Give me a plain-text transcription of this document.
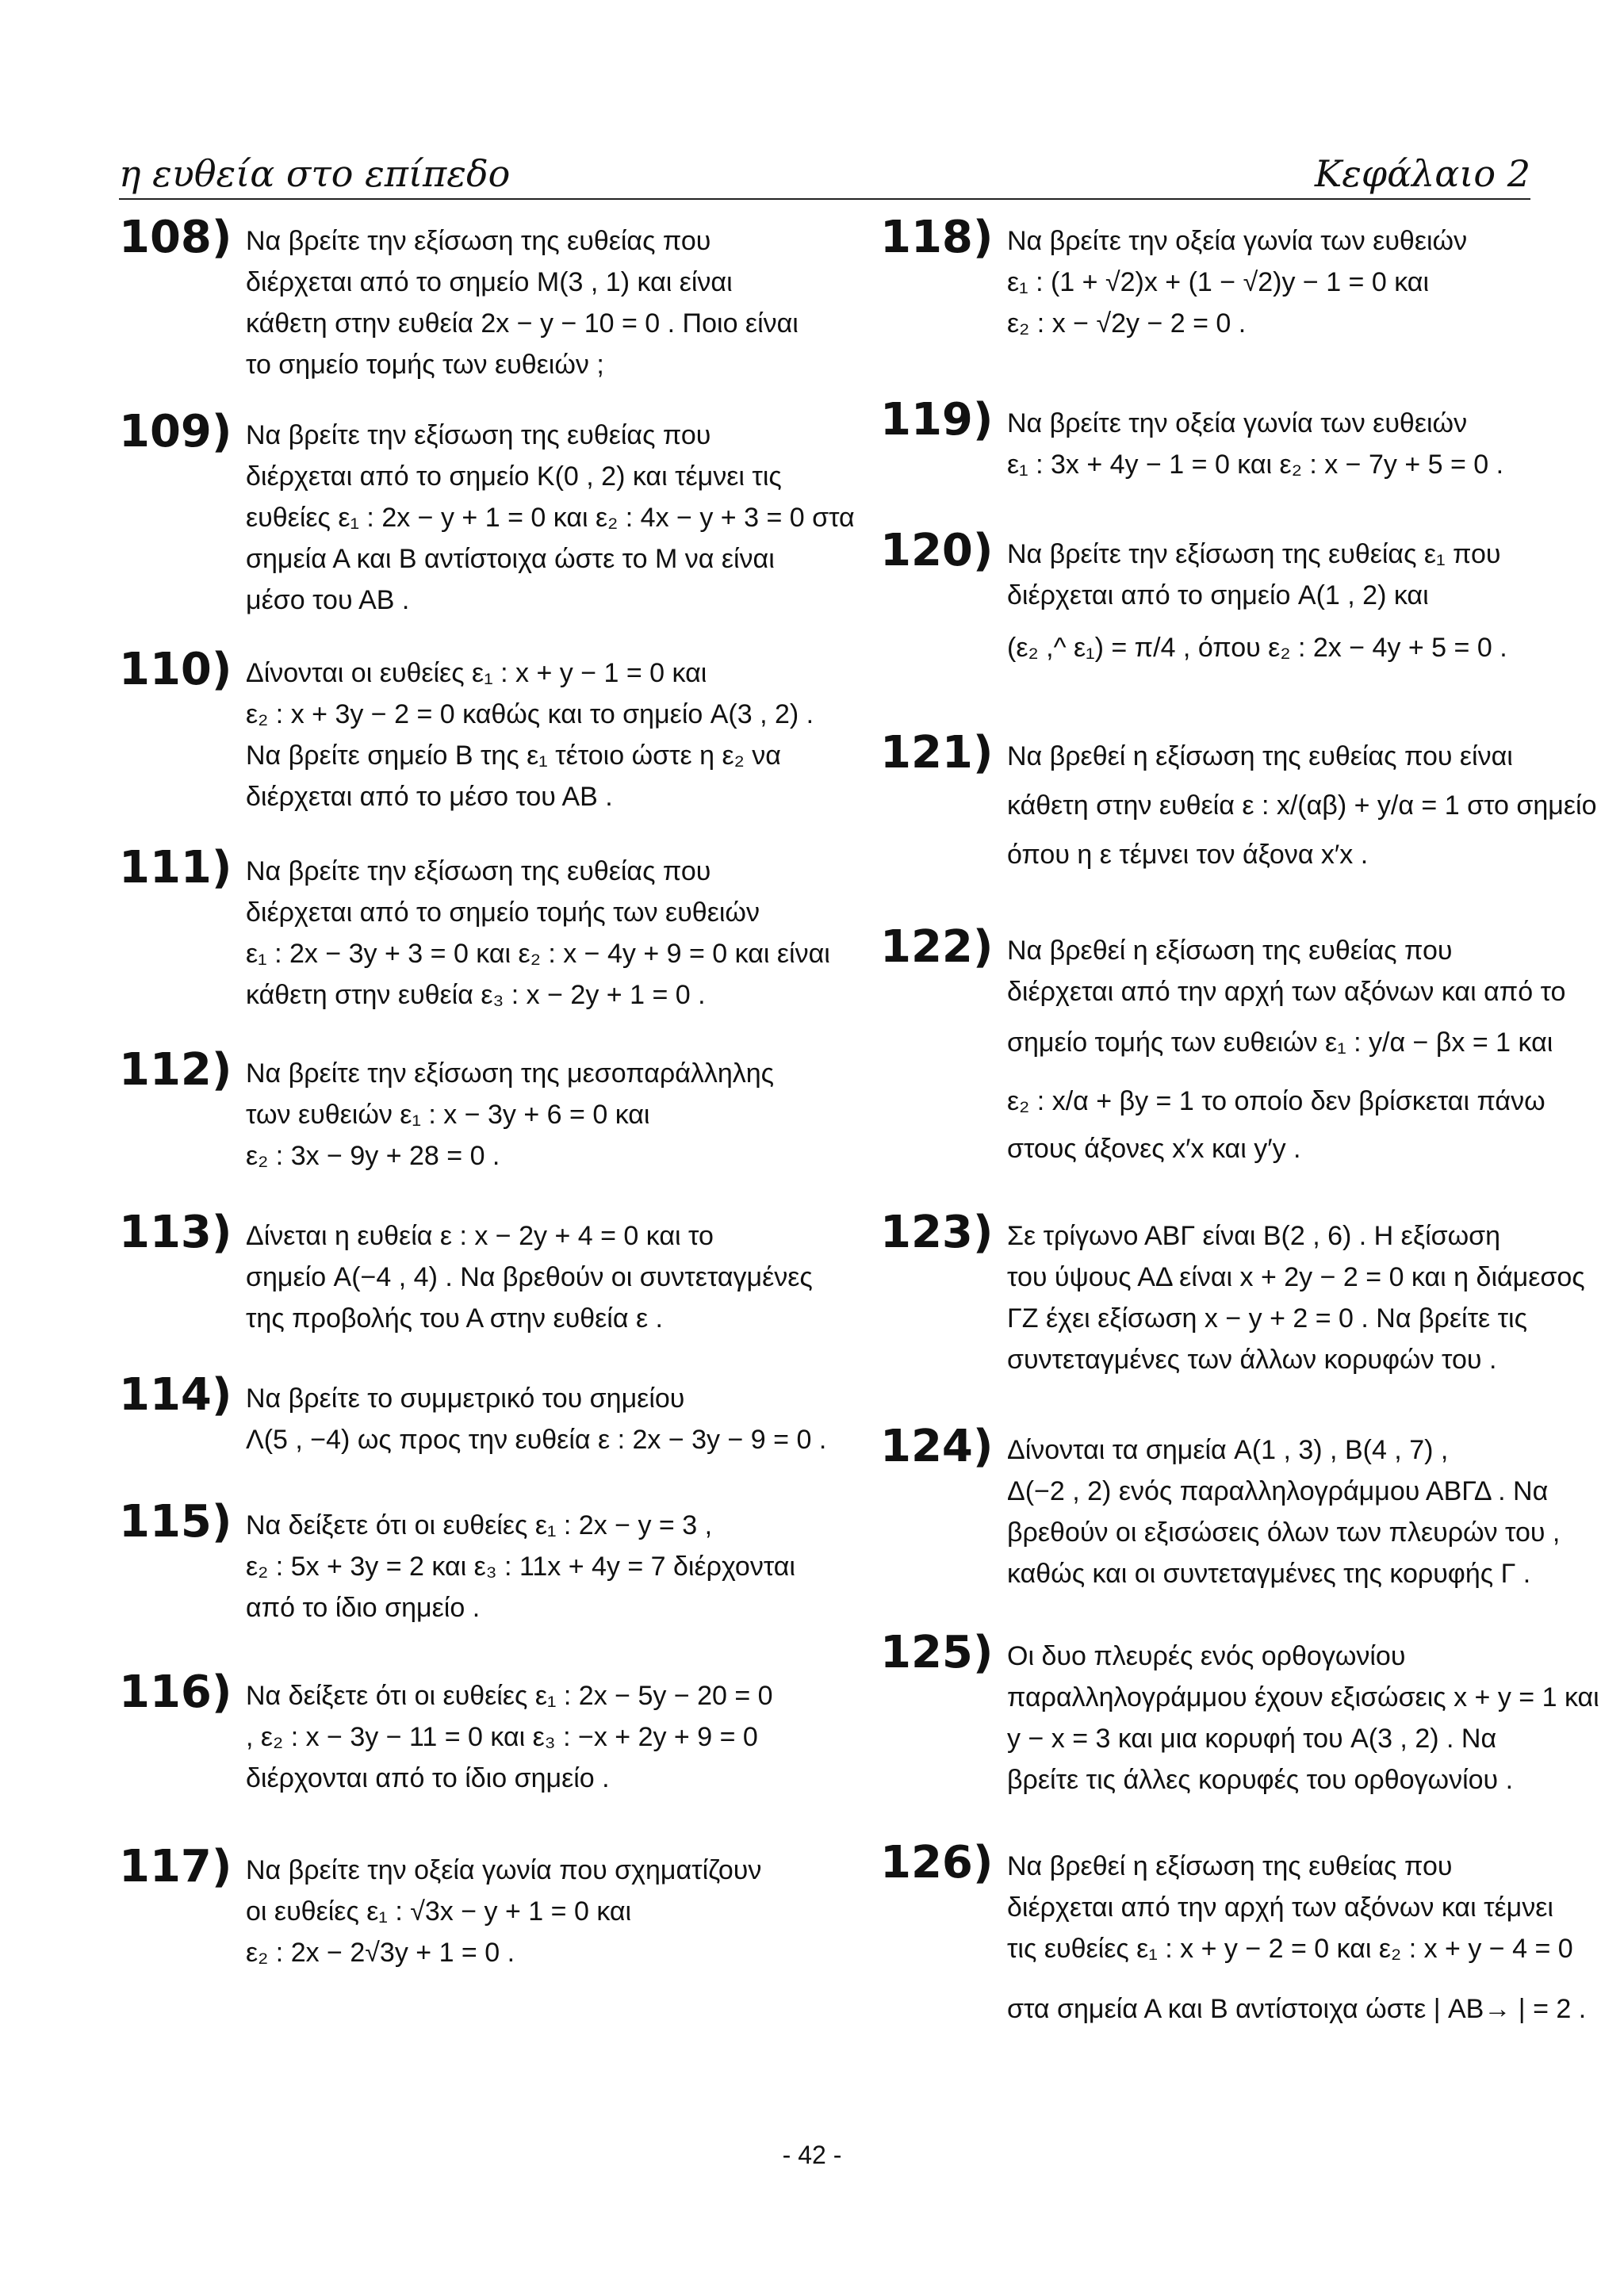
η ευθεία στο επίπεδο	Κεφάλαιο 2
108) Να βρείτε την εξίσωση της ευθείας που
διέρχεται από το σημείο M(3 , 1) και είναι
κάθετη στην ευθεία 2x − y − 10 = 0 . Ποιο είναι
το σημείο τομής των ευθειών ;
109) Να βρείτε την εξίσωση της ευθείας που
διέρχεται από το σημείο K(0 , 2) και τέμνει τις
ευθείες ε₁ : 2x − y + 1 = 0 και ε₂ : 4x − y + 3 = 0 στα
σημεία Α και Β αντίστοιχα ώστε το Μ να είναι
μέσο του ΑΒ .
110) Δίνονται οι ευθείες ε₁ : x + y − 1 = 0 και
ε₂ : x + 3y − 2 = 0 καθώς και το σημείο A(3 , 2) .
Να βρείτε σημείο Β της ε₁ τέτοιο ώστε η ε₂ να
διέρχεται από το μέσο του ΑΒ .
111) Να βρείτε την εξίσωση της ευθείας που
διέρχεται από το σημείο τομής των ευθειών
ε₁ : 2x − 3y + 3 = 0 και ε₂ : x − 4y + 9 = 0 και είναι
κάθετη στην ευθεία ε₃ : x − 2y + 1 = 0 .
112) Να βρείτε την εξίσωση της μεσοπαράλληλης
των ευθειών ε₁ : x − 3y + 6 = 0 και
ε₂ : 3x − 9y + 28 = 0 .
113) Δίνεται η ευθεία ε : x − 2y + 4 = 0 και το
σημείο A(−4 , 4) . Να βρεθούν οι συντεταγμένες
της προβολής του Α στην ευθεία ε .
114) Να βρείτε το συμμετρικό του σημείου
Λ(5 , −4) ως προς την ευθεία ε : 2x − 3y − 9 = 0 .
115) Να δείξετε ότι οι ευθείες ε₁ : 2x − y = 3 ,
ε₂ : 5x + 3y = 2 και ε₃ : 11x + 4y = 7 διέρχονται
από το ίδιο σημείο .
116) Να δείξετε ότι οι ευθείες ε₁ : 2x − 5y − 20 = 0
, ε₂ : x − 3y − 11 = 0 και ε₃ : −x + 2y + 9 = 0
διέρχονται από το ίδιο σημείο .
117) Να βρείτε την οξεία γωνία που σχηματίζουν
οι ευθείες ε₁ : √3x − y + 1 = 0 και
ε₂ : 2x − 2√3y + 1 = 0 .
118) Να βρείτε την οξεία γωνία των ευθειών
ε₁ : (1 + √2)x + (1 − √2)y − 1 = 0 και
ε₂ : x − √2y − 2 = 0 .
119) Να βρείτε την οξεία γωνία των ευθειών
ε₁ : 3x + 4y − 1 = 0 και ε₂ : x − 7y + 5 = 0 .
120) Να βρείτε την εξίσωση της ευθείας ε₁ που
διέρχεται από το σημείο A(1 , 2) και
(ε₂ ,^ ε₁) = π/4 , όπου ε₂ : 2x − 4y + 5 = 0 .
121) Να βρεθεί η εξίσωση της ευθείας που είναι
κάθετη στην ευθεία ε : x/(αβ) + y/α = 1 στο σημείο
όπου η ε τέμνει τον άξονα x′x .
122) Να βρεθεί η εξίσωση της ευθείας που
διέρχεται από την αρχή των αξόνων και από το
σημείο τομής των ευθειών ε₁ : y/α − βx = 1 και
ε₂ : x/α + βy = 1 το οποίο δεν βρίσκεται πάνω
στους άξονες x′x και y′y .
123) Σε τρίγωνο ΑΒΓ είναι B(2 , 6) . Η εξίσωση
του ύψους ΑΔ είναι x + 2y − 2 = 0 και η διάμεσος
ΓΖ έχει εξίσωση x − y + 2 = 0 . Να βρείτε τις
συντεταγμένες των άλλων κορυφών του .
124) Δίνονται τα σημεία A(1 , 3) , B(4 , 7) ,
Δ(−2 , 2) ενός παραλληλογράμμου ΑΒΓΔ . Να
βρεθούν οι εξισώσεις όλων των πλευρών του ,
καθώς και οι συντεταγμένες της κορυφής Γ .
125) Οι δυο πλευρές ενός ορθογωνίου
παραλληλογράμμου έχουν εξισώσεις x + y = 1 και
y − x = 3 και μια κορυφή του A(3 , 2) . Να
βρείτε τις άλλες κορυφές του ορθογωνίου .
126) Να βρεθεί η εξίσωση της ευθείας που
διέρχεται από την αρχή των αξόνων και τέμνει
τις ευθείες ε₁ : x + y − 2 = 0 και ε₂ : x + y − 4 = 0
στα σημεία Α και Β αντίστοιχα ώστε | AB→ | = 2 .
- 42 -
